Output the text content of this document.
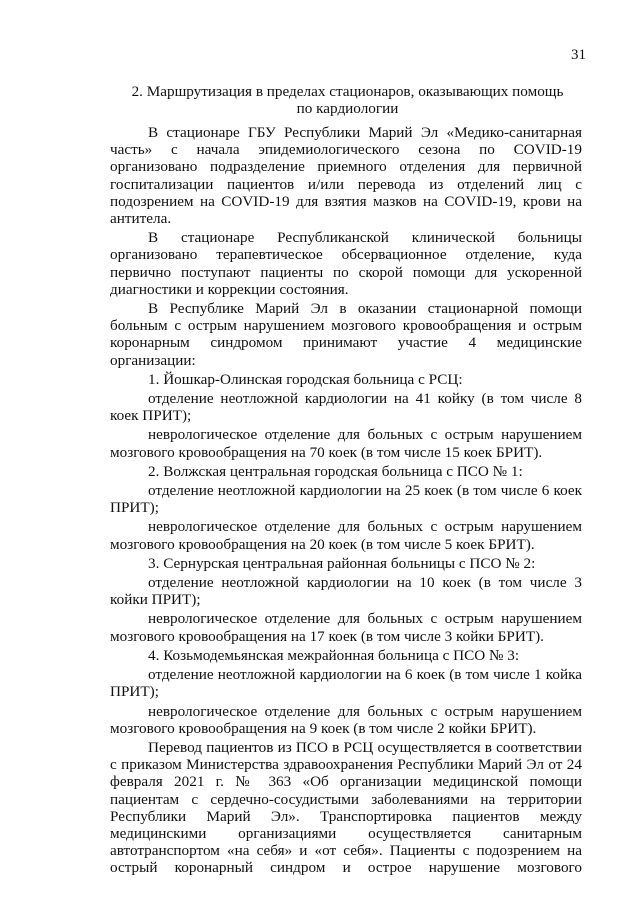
31
2. Маршрутизация в пределах стационаров, оказывающих помощь
по кардиологии

В стационаре ГБУ Республики Марий Эл «Медико-санитарная часть» с начала эпидемиологического сезона по COVID-19 организовано подразделение приемного отделения для первичной госпитализации пациентов и/или перевода из отделений лиц с подозрением на COVID-19 для взятия мазков на COVID-19, крови на антитела.

В стационаре Республиканской клинической больницы организовано терапевтическое обсервационное отделение, куда первично поступают пациенты по скорой помощи для ускоренной диагностики и коррекции состояния.

В Республике Марий Эл в оказании стационарной помощи больным с острым нарушением мозгового кровообращения и острым коронарным синдромом принимают участие 4 медицинские организации:

1. Йошкар-Олинская городская больница с РСЦ:

отделение неотложной кардиологии на 41 койку (в том числе 8 коек ПРИТ);

неврологическое отделение для больных с острым нарушением мозгового кровообращения на 70 коек (в том числе 15 коек БРИТ).

2. Волжская центральная городская больница с ПСО № 1:

отделение неотложной кардиологии на 25 коек (в том числе 6 коек ПРИТ);

неврологическое отделение для больных с острым нарушением мозгового кровообращения на 20 коек (в том числе 5 коек БРИТ).

3. Сернурская центральная районная больницы с ПСО № 2:

отделение неотложной кардиологии на 10 коек (в том числе 3 койки ПРИТ);

неврологическое отделение для больных с острым нарушением мозгового кровообращения на 17 коек (в том числе 3 койки БРИТ).

4. Козьмодемьянская межрайонная больница с ПСО № 3:

отделение неотложной кардиологии на 6 коек (в том числе 1 койка ПРИТ);

неврологическое отделение для больных с острым нарушением мозгового кровообращения на 9 коек (в том числе 2 койки БРИТ).

Перевод пациентов из ПСО в РСЦ осуществляется в соответствии с приказом Министерства здравоохранения Республики Марий Эл от 24 февраля 2021 г. № 363 «Об организации медицинской помощи пациентам с сердечно-сосудистыми заболеваниями на территории Республики Марий Эл». Транспортировка пациентов между медицинскими организациями осуществляется санитарным автотранспортом «на себя» и «от себя». Пациенты с подозрением на острый коронарный синдром и острое нарушение мозгового
